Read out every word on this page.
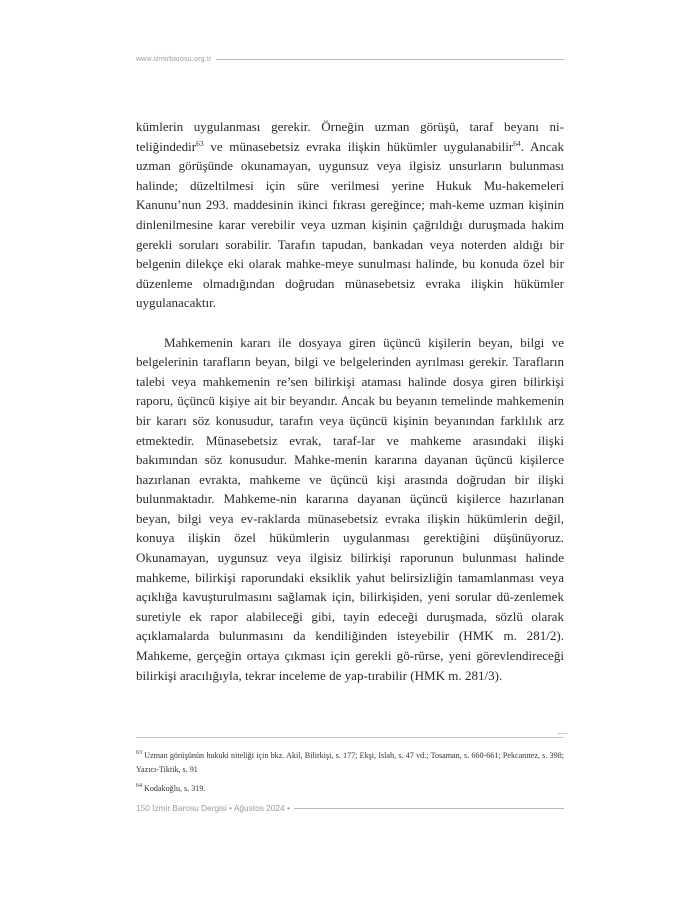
www.izmirbarosu.org.tr

kümlerin uygulanması gerekir. Örneğin uzman görüşü, taraf beyanı ni-teliğindedir$^{63}$ ve münasebetsiz evraka ilişkin hükümler uygulanabilir$^{64}$. Ancak uzman görüşünde okunamayan, uygunsuz veya ilgisiz unsurların bulunması halinde; düzeltilmesi için süre verilmesi yerine Hukuk Mu-hakemeleri Kanunu’nun 293. maddesinin ikinci fıkrası gereğince; mah-keme uzman kişinin dinlenilmesine karar verebilir veya uzman kişinin çağrıldığı duruşmada hakim gerekli soruları sorabilir. Tarafın tapudan, bankadan veya noterden aldığı bir belgenin dilekçe eki olarak mahke-meye sunulması halinde, bu konuda özel bir düzenleme olmadığından doğrudan münasebetsiz evraka ilişkin hükümler uygulanacaktır.

Mahkemenin kararı ile dosyaya giren üçüncü kişilerin beyan, bilgi ve belgelerinin tarafların beyan, bilgi ve belgelerinden ayrılması gerekir. Tarafların talebi veya mahkemenin re’sen bilirkişi ataması halinde dosya giren bilirkişi raporu, üçüncü kişiye ait bir beyandır. Ancak bu beyanın temelinde mahkemenin bir kararı söz konusudur, tarafın veya üçüncü kişinin beyanından farklılık arz etmektedir. Münasebetsiz evrak, taraf-lar ve mahkeme arasındaki ilişki bakımından söz konusudur. Mahke-menin kararına dayanan üçüncü kişilerce hazırlanan evrakta, mahkeme ve üçüncü kişi arasında doğrudan bir ilişki bulunmaktadır. Mahkeme-nin kararına dayanan üçüncü kişilerce hazırlanan beyan, bilgi veya ev-raklarda münasebetsiz evraka ilişkin hükümlerin değil, konuya ilişkin özel hükümlerin uygulanması gerektiğini düşünüyoruz. Okunamayan, uygunsuz veya ilgisiz bilirkişi raporunun bulunması halinde mahkeme, bilirkişi raporundaki eksiklik yahut belirsizliğin tamamlanması veya açıklığa kavuşturulmasını sağlamak için, bilirkişiden, yeni sorular dü-zenlemek suretiyle ek rapor alabileceği gibi, tayin edeceği duruşmada, sözlü olarak açıklamalarda bulunmasını da kendiliğinden isteyebilir (HMK m. 281/2). Mahkeme, gerçeğin ortaya çıkması için gerekli gö-rürse, yeni görevlendireceği bilirkişi aracılığıyla, tekrar inceleme de yap-tırabilir (HMK m. 281/3).

$^{63}$ Uzman görüşünün hukuki niteliği için bkz. Akil, Bilirkişi, s. 177; Ekşi, Islah, s. 47 vd.; Tosaman, s. 660-661; Pekcanıtez, s. 398; Yazıcı-Tiktik, s. 91

$^{64}$ Kodakoğlu, s. 319.

150 İzmir Barosu Dergisi • Ağustos 2024 •
